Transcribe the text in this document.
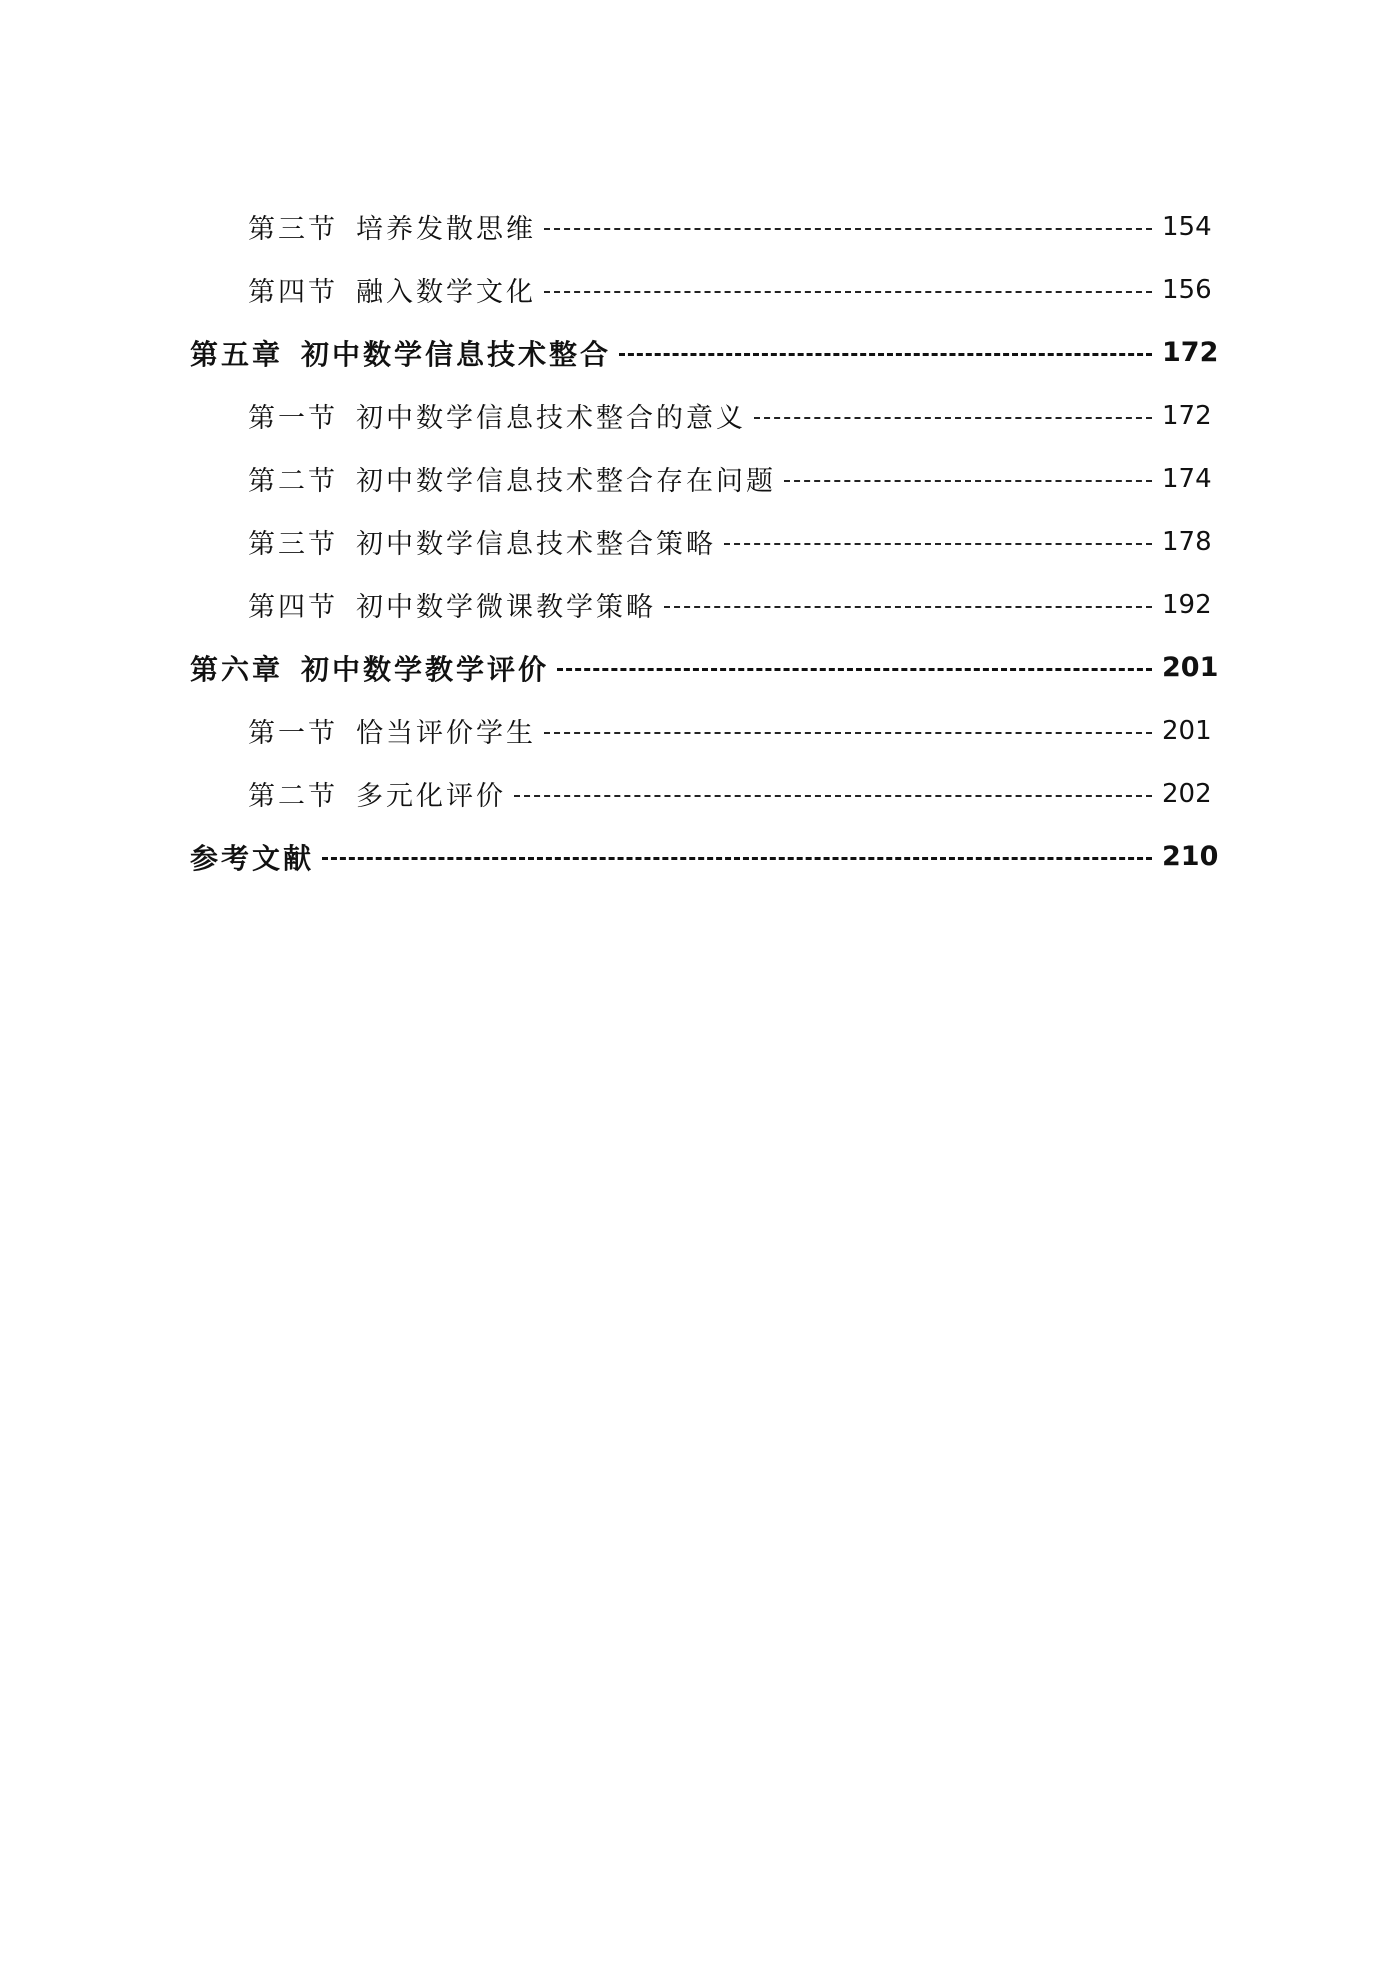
第三节 培养发散思维	154
第四节 融入数学文化	156
第五章 初中数学信息技术整合	172
第一节 初中数学信息技术整合的意义	172
第二节 初中数学信息技术整合存在问题	174
第三节 初中数学信息技术整合策略	178
第四节 初中数学微课教学策略	192
第六章 初中数学教学评价	201
第一节 恰当评价学生	201
第二节 多元化评价	202
参考文献	210
